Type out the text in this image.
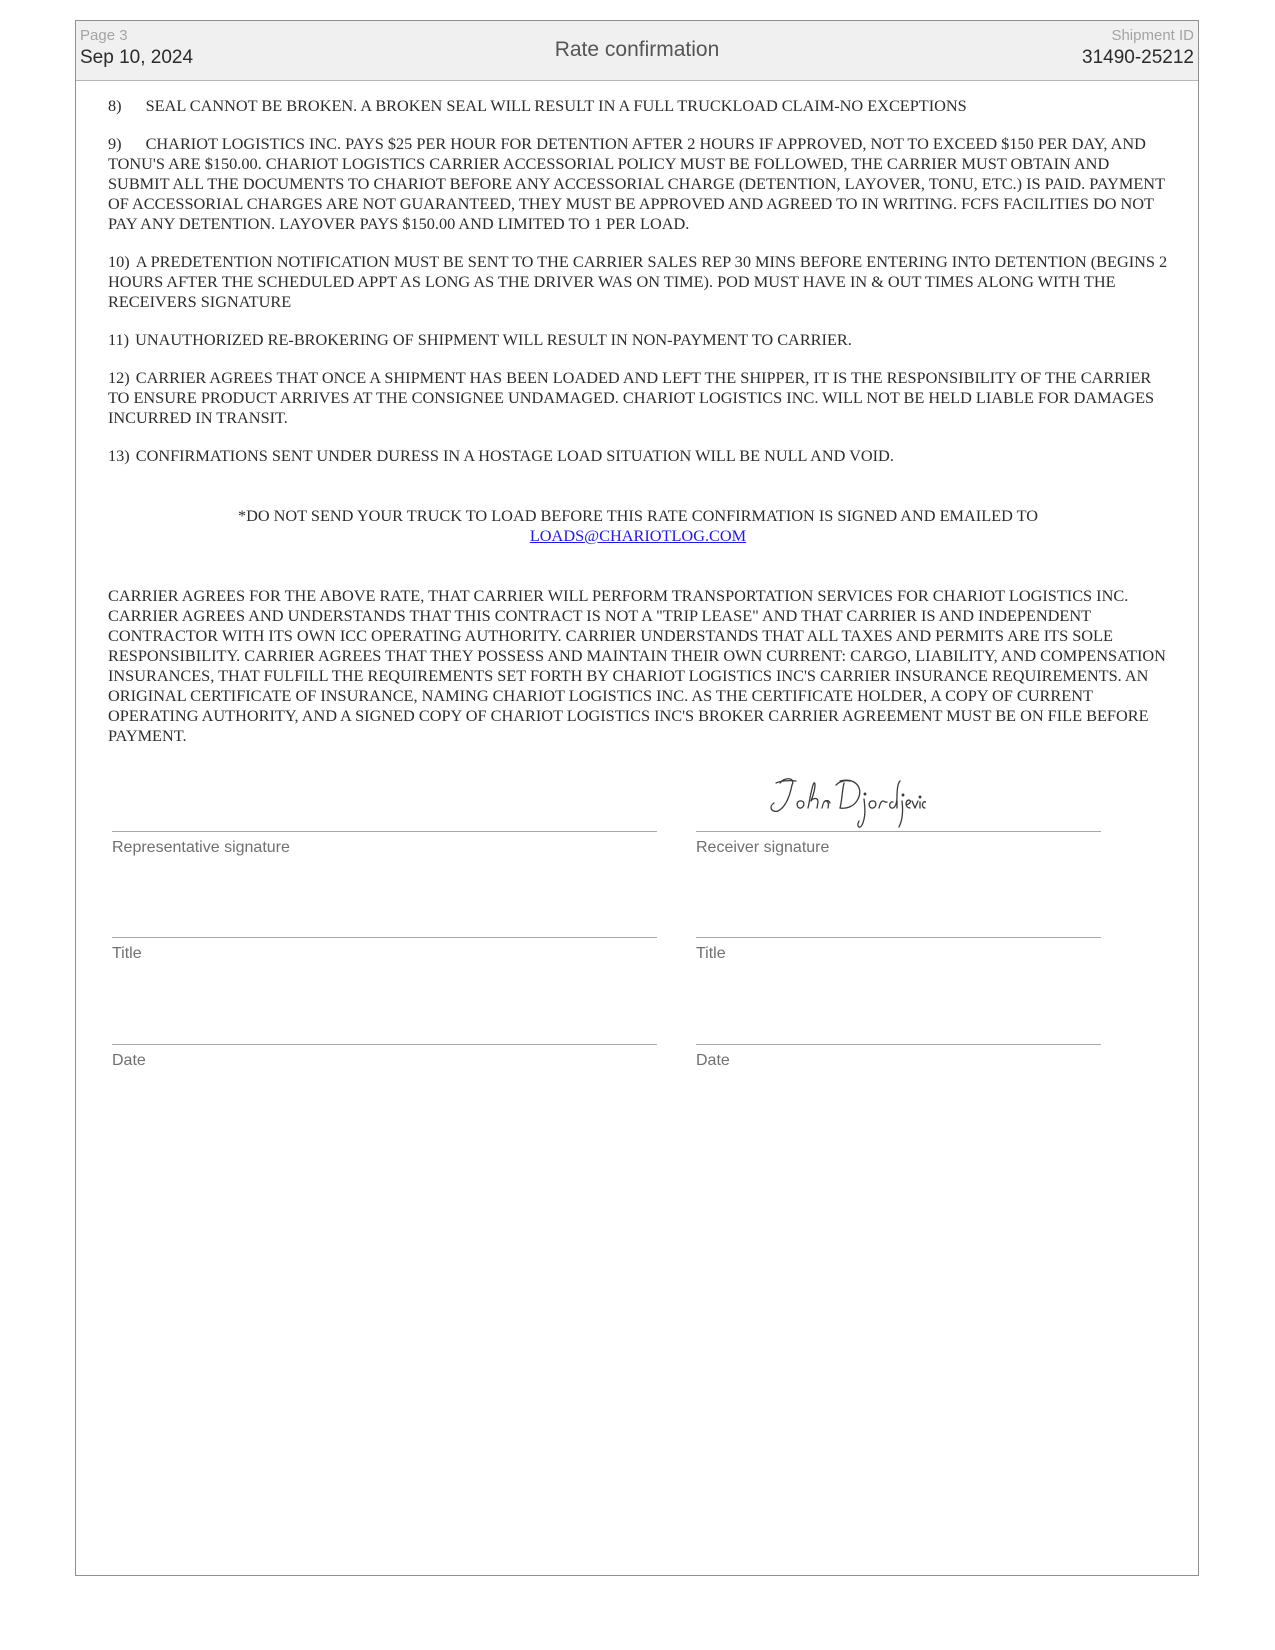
Page 3
Sep 10, 2024	Rate confirmation
Shipment ID
31490-25212

8) SEAL CANNOT BE BROKEN. A BROKEN SEAL WILL RESULT IN A FULL TRUCKLOAD CLAIM-NO EXCEPTIONS

9) CHARIOT LOGISTICS INC. PAYS $25 PER HOUR FOR DETENTION AFTER 2 HOURS IF APPROVED, NOT TO EXCEED $150 PER DAY, AND TONU'S ARE $150.00. CHARIOT LOGISTICS CARRIER ACCESSORIAL POLICY MUST BE FOLLOWED, THE CARRIER MUST OBTAIN AND SUBMIT ALL THE DOCUMENTS TO CHARIOT BEFORE ANY ACCESSORIAL CHARGE (DETENTION, LAYOVER, TONU, ETC.) IS PAID. PAYMENT OF ACCESSORIAL CHARGES ARE NOT GUARANTEED, THEY MUST BE APPROVED AND AGREED TO IN WRITING. FCFS FACILITIES DO NOT PAY ANY DETENTION. LAYOVER PAYS $150.00 AND LIMITED TO 1 PER LOAD.

10) A PREDETENTION NOTIFICATION MUST BE SENT TO THE CARRIER SALES REP 30 MINS BEFORE ENTERING INTO DETENTION (BEGINS 2 HOURS AFTER THE SCHEDULED APPT AS LONG AS THE DRIVER WAS ON TIME). POD MUST HAVE IN & OUT TIMES ALONG WITH THE RECEIVERS SIGNATURE

11) UNAUTHORIZED RE-BROKERING OF SHIPMENT WILL RESULT IN NON-PAYMENT TO CARRIER.

12) CARRIER AGREES THAT ONCE A SHIPMENT HAS BEEN LOADED AND LEFT THE SHIPPER, IT IS THE RESPONSIBILITY OF THE CARRIER TO ENSURE PRODUCT ARRIVES AT THE CONSIGNEE UNDAMAGED. CHARIOT LOGISTICS INC. WILL NOT BE HELD LIABLE FOR DAMAGES INCURRED IN TRANSIT.

13) CONFIRMATIONS SENT UNDER DURESS IN A HOSTAGE LOAD SITUATION WILL BE NULL AND VOID.

*DO NOT SEND YOUR TRUCK TO LOAD BEFORE THIS RATE CONFIRMATION IS SIGNED AND EMAILED TO
LOADS@CHARIOTLOG.COM

CARRIER AGREES FOR THE ABOVE RATE, THAT CARRIER WILL PERFORM TRANSPORTATION SERVICES FOR CHARIOT LOGISTICS INC. CARRIER AGREES AND UNDERSTANDS THAT THIS CONTRACT IS NOT A "TRIP LEASE" AND THAT CARRIER IS AND INDEPENDENT CONTRACTOR WITH ITS OWN ICC OPERATING AUTHORITY. CARRIER UNDERSTANDS THAT ALL TAXES AND PERMITS ARE ITS SOLE RESPONSIBILITY. CARRIER AGREES THAT THEY POSSESS AND MAINTAIN THEIR OWN CURRENT: CARGO, LIABILITY, AND COMPENSATION INSURANCES, THAT FULFILL THE REQUIREMENTS SET FORTH BY CHARIOT LOGISTICS INC'S CARRIER INSURANCE REQUIREMENTS. AN ORIGINAL CERTIFICATE OF INSURANCE, NAMING CHARIOT LOGISTICS INC. AS THE CERTIFICATE HOLDER, A COPY OF CURRENT OPERATING AUTHORITY, AND A SIGNED COPY OF CHARIOT LOGISTICS INC'S BROKER CARRIER AGREEMENT MUST BE ON FILE BEFORE PAYMENT.

Representative signature
Title
Date
Receiver signature
Title
Date
